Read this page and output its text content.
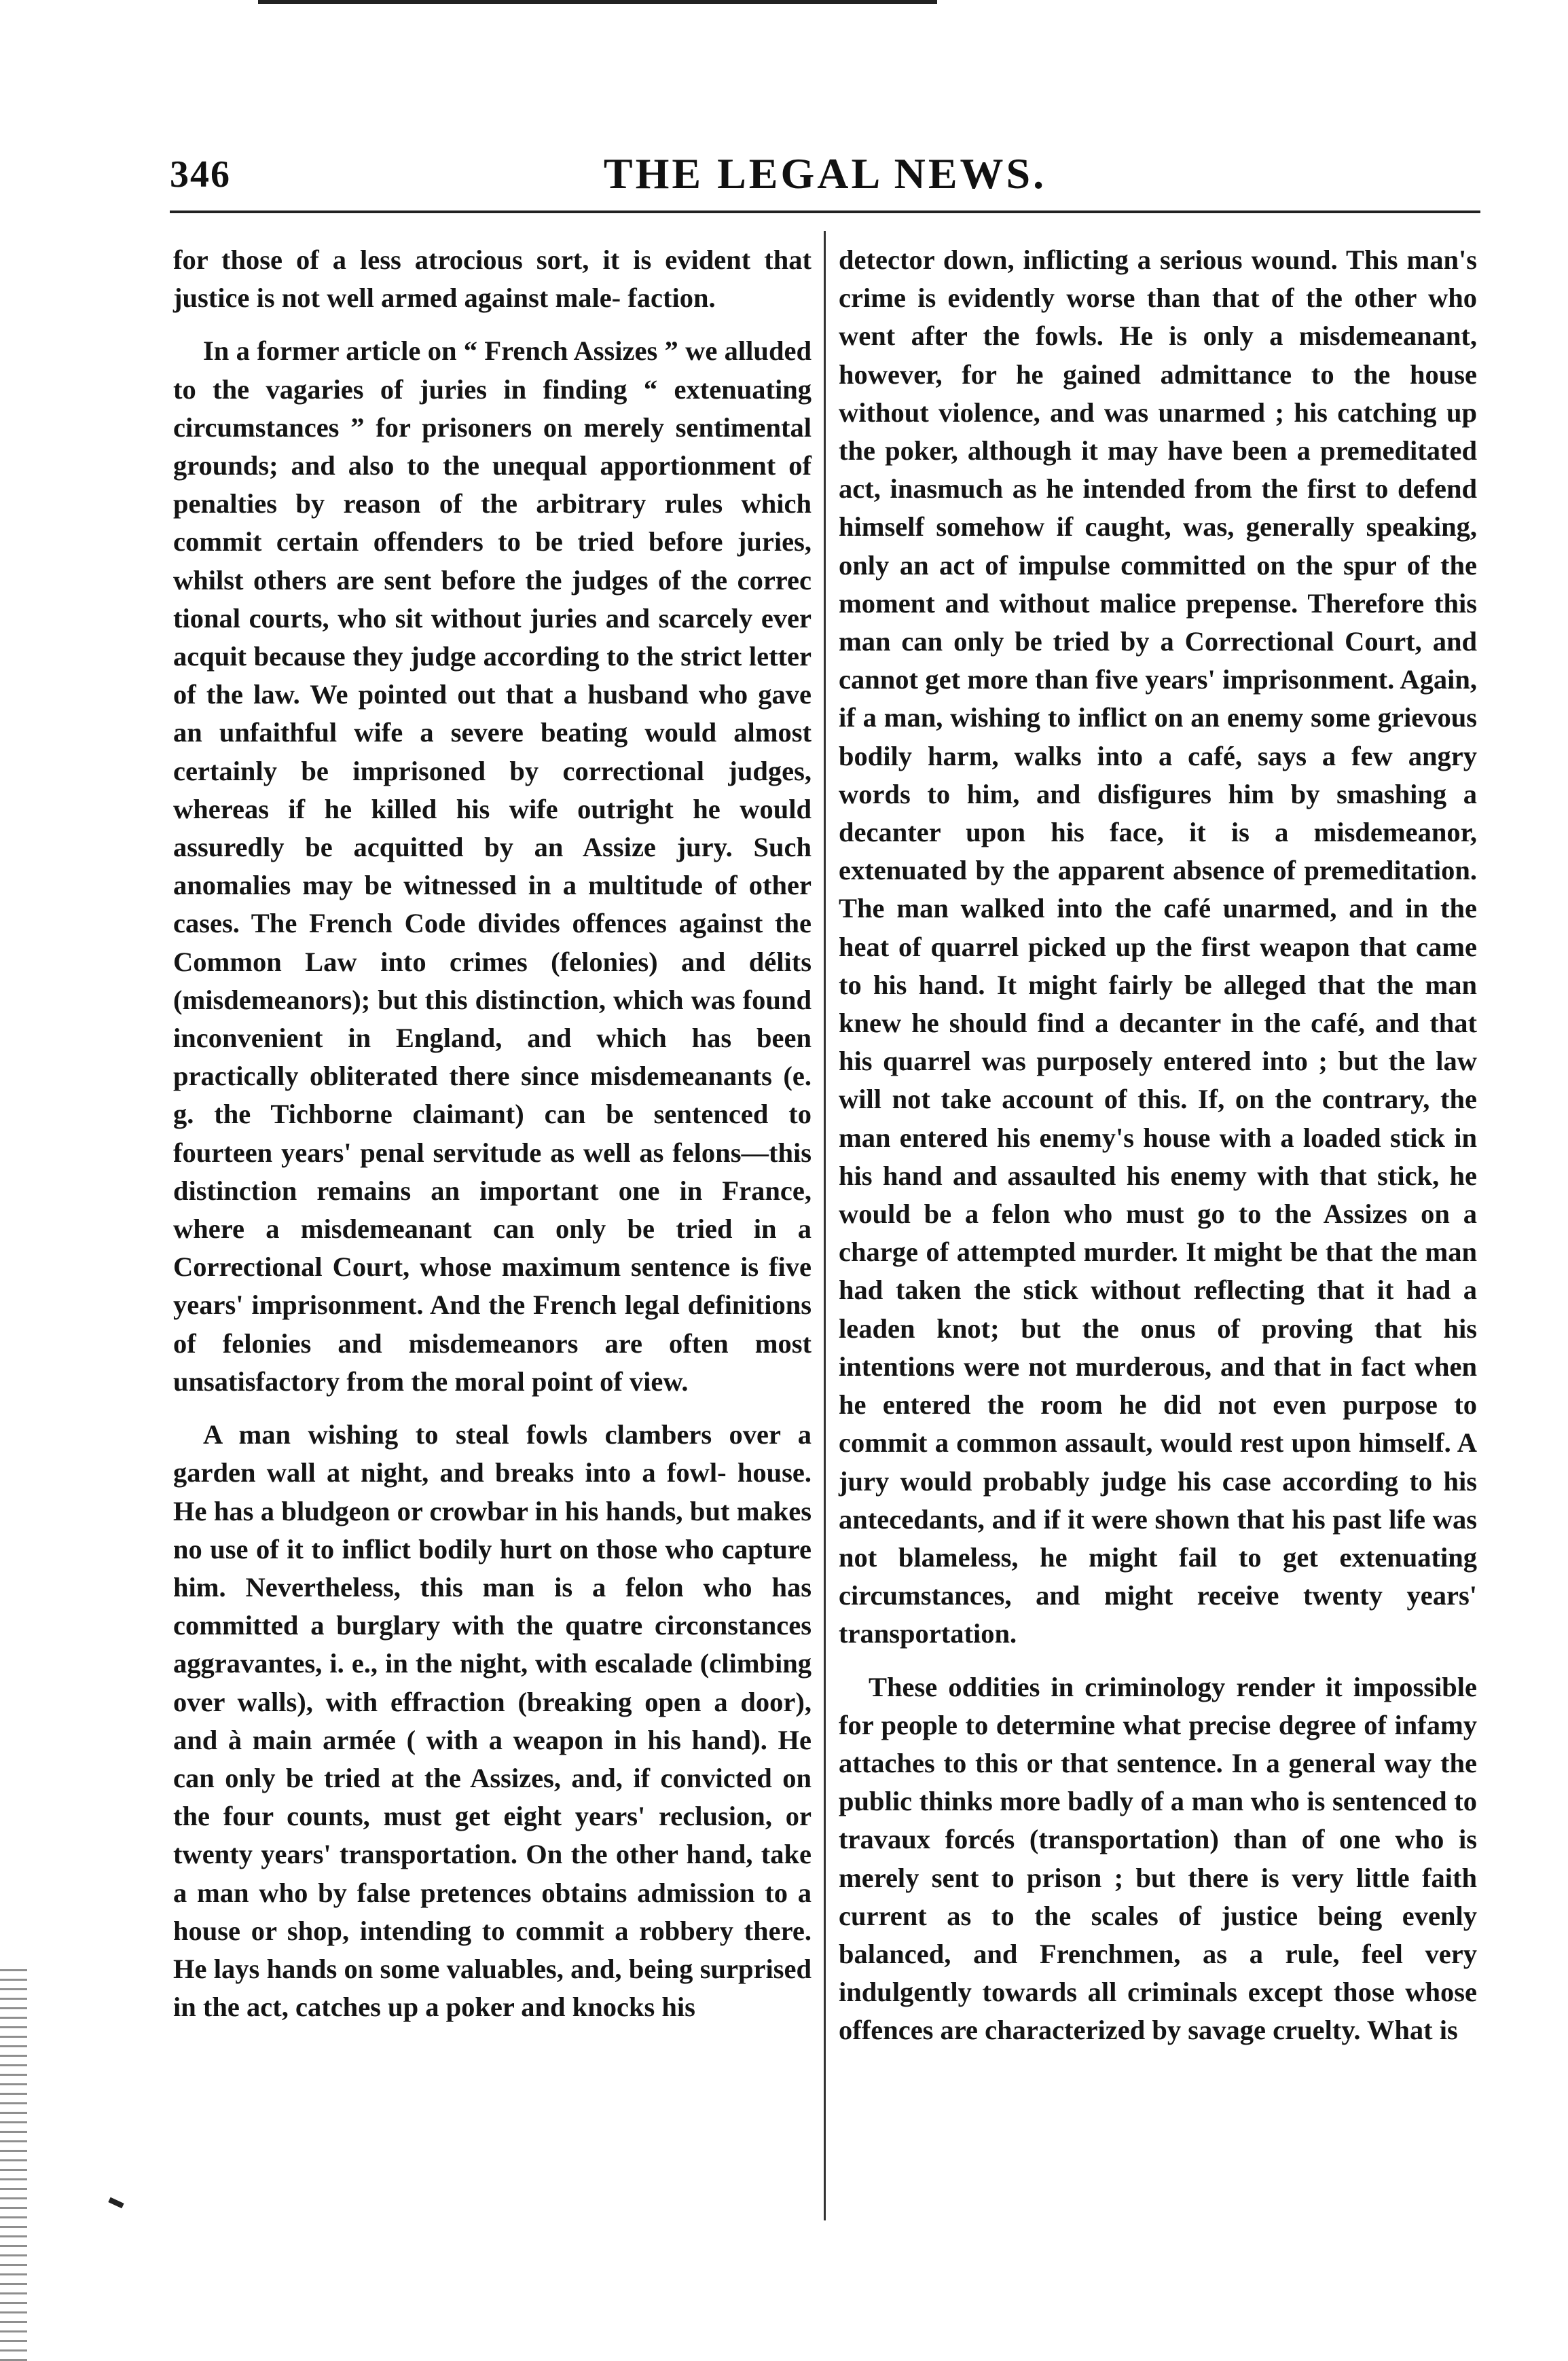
346	THE LEGAL NEWS.

for those of a less atrocious sort, it is evident that justice is not well armed against male- faction.

In a former article on “ French Assizes ” we alluded to the vagaries of juries in finding “ extenuating circumstances ” for prisoners on merely sentimental grounds; and also to the unequal apportionment of penalties by reason of the arbitrary rules which commit certain offenders to be tried before juries, whilst others are sent before the judges of the correc tional courts, who sit without juries and scarcely ever acquit because they judge according to the strict letter of the law. We pointed out that a husband who gave an unfaithful wife a severe beating would almost certainly be imprisoned by correctional judges, whereas if he killed his wife outright he would assuredly be acquitted by an Assize jury. Such anomalies may be witnessed in a multitude of other cases. The French Code divides offences against the Common Law into crimes (felonies) and délits (misdemeanors); but this distinction, which was found inconvenient in England, and which has been practically obliterated there since misdemeanants (e. g. the Tichborne claimant) can be sentenced to fourteen years' penal servitude as well as felons—this distinction remains an important one in France, where a misdemeanant can only be tried in a Correctional Court, whose maximum sentence is five years' imprisonment. And the French legal definitions of felonies and misdemeanors are often most unsatisfactory from the moral point of view.

A man wishing to steal fowls clambers over a garden wall at night, and breaks into a fowl- house. He has a bludgeon or crowbar in his hands, but makes no use of it to inflict bodily hurt on those who capture him. Nevertheless, this man is a felon who has committed a burglary with the quatre circonstances aggravantes, i. e., in the night, with escalade (climbing over walls), with effraction (breaking open a door), and à main armée ( with a weapon in his hand). He can only be tried at the Assizes, and, if convicted on the four counts, must get eight years' reclusion, or twenty years' transportation. On the other hand, take a man who by false pretences obtains admission to a house or shop, intending to commit a robbery there. He lays hands on some valuables, and, being surprised in the act, catches up a poker and knocks his

detector down, inflicting a serious wound. This man's crime is evidently worse than that of the other who went after the fowls. He is only a misdemeanant, however, for he gained admittance to the house without violence, and was unarmed ; his catching up the poker, although it may have been a premeditated act, inasmuch as he intended from the first to defend himself somehow if caught, was, generally speaking, only an act of impulse committed on the spur of the moment and without malice prepense. Therefore this man can only be tried by a Correctional Court, and cannot get more than five years' imprisonment. Again, if a man, wishing to inflict on an enemy some grievous bodily harm, walks into a café, says a few angry words to him, and disfigures him by smashing a decanter upon his face, it is a misdemeanor, extenuated by the apparent absence of premeditation. The man walked into the café unarmed, and in the heat of quarrel picked up the first weapon that came to his hand. It might fairly be alleged that the man knew he should find a decanter in the café, and that his quarrel was purposely entered into ; but the law will not take account of this. If, on the contrary, the man entered his enemy's house with a loaded stick in his hand and assaulted his enemy with that stick, he would be a felon who must go to the Assizes on a charge of attempted murder. It might be that the man had taken the stick without reflecting that it had a leaden knot; but the onus of proving that his intentions were not murderous, and that in fact when he entered the room he did not even purpose to commit a common assault, would rest upon himself. A jury would probably judge his case according to his antecedants, and if it were shown that his past life was not blameless, he might fail to get extenuating circumstances, and might receive twenty years' transportation.

These oddities in criminology render it impossible for people to determine what precise degree of infamy attaches to this or that sentence. In a general way the public thinks more badly of a man who is sentenced to travaux forcés (transportation) than of one who is merely sent to prison ; but there is very little faith current as to the scales of justice being evenly balanced, and Frenchmen, as a rule, feel very indulgently towards all criminals except those whose offences are characterized by savage cruelty. What is
